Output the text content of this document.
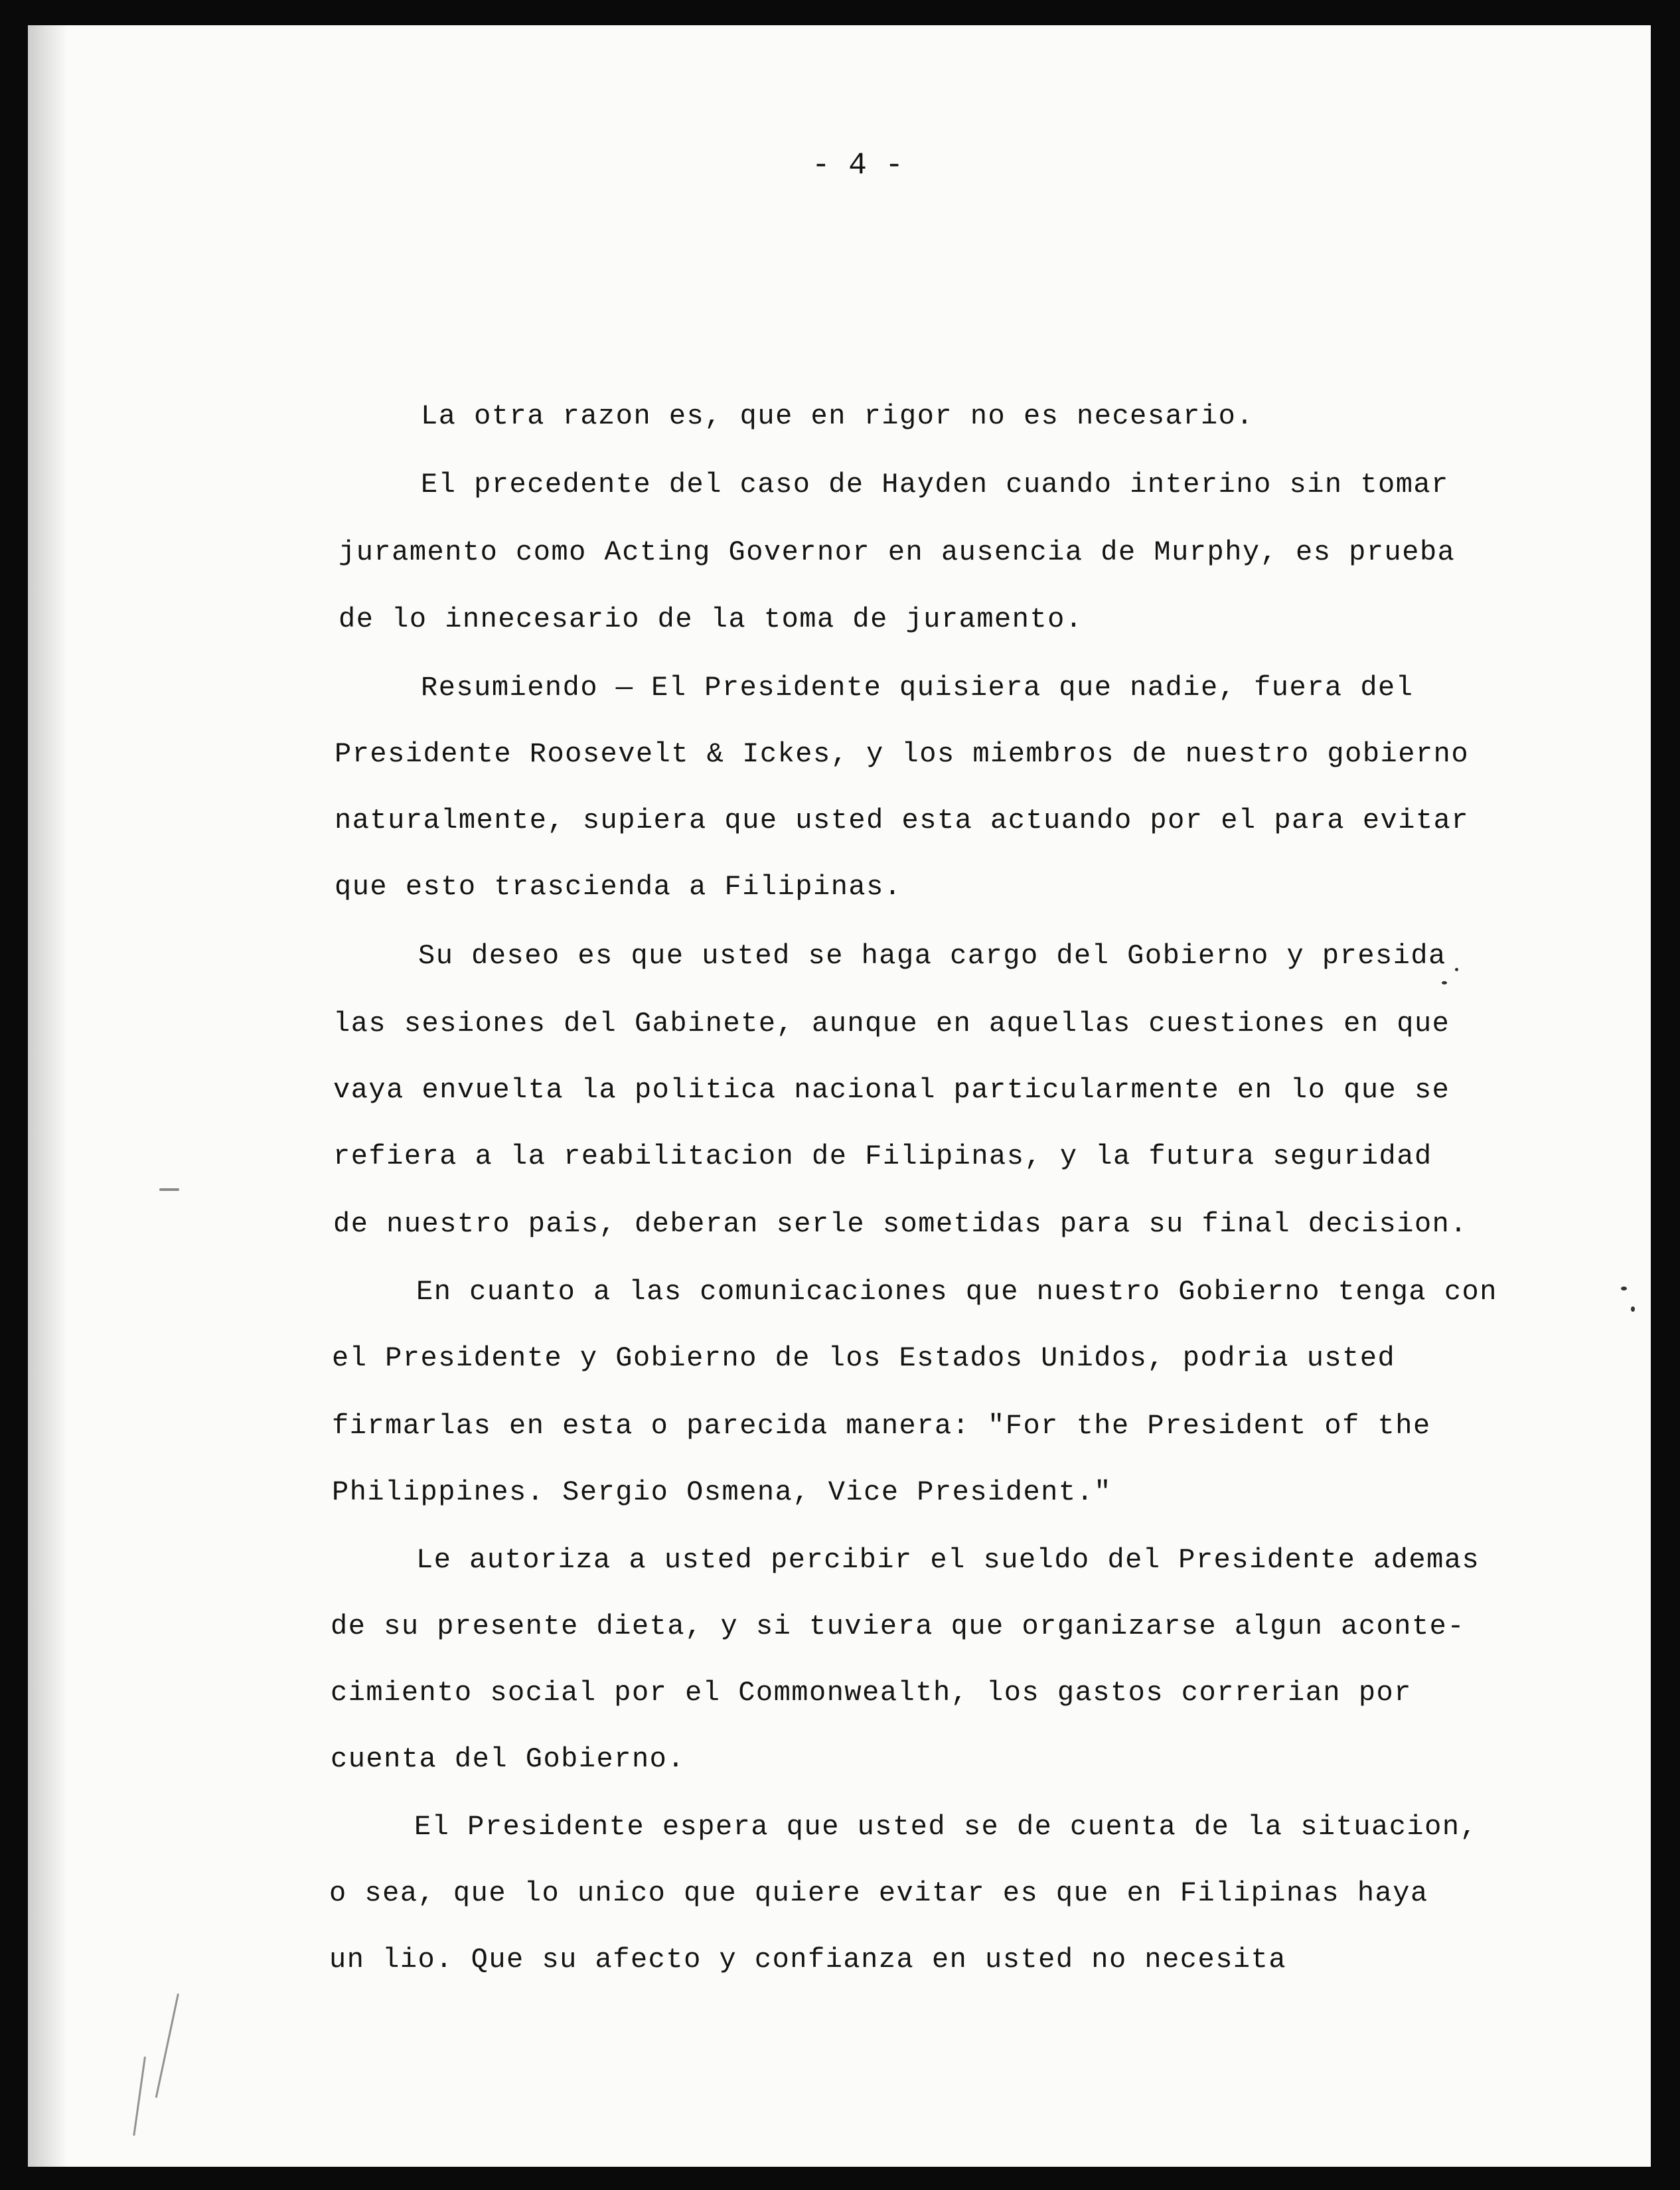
- 4 -

La otra razon es, que en rigor no es necesario.

El precedente del caso de Hayden cuando interino sin tomar

juramento como Acting Governor en ausencia de Murphy, es prueba

de lo innecesario de la toma de juramento.

Resumiendo — El Presidente quisiera que nadie, fuera del

Presidente Roosevelt & Ickes, y los miembros de nuestro gobierno

naturalmente, supiera que usted esta actuando por el para evitar

que esto trascienda a Filipinas.

Su deseo es que usted se haga cargo del Gobierno y presida

las sesiones del Gabinete, aunque en aquellas cuestiones en que

vaya envuelta la politica nacional particularmente en lo que se

refiera a la reabilitacion de Filipinas, y la futura seguridad

de nuestro pais, deberan serle sometidas para su final decision.

En cuanto a las comunicaciones que nuestro Gobierno tenga con

el Presidente y Gobierno de los Estados Unidos, podria usted

firmarlas en esta o parecida manera: "For the President of the

Philippines. Sergio Osmena, Vice President."

Le autoriza a usted percibir el sueldo del Presidente ademas

de su presente dieta, y si tuviera que organizarse algun aconte-

cimiento social por el Commonwealth, los gastos correrian por

cuenta del Gobierno.

El Presidente espera que usted se de cuenta de la situacion,

o sea, que lo unico que quiere evitar es que en Filipinas haya

un lio. Que su afecto y confianza en usted no necesita
